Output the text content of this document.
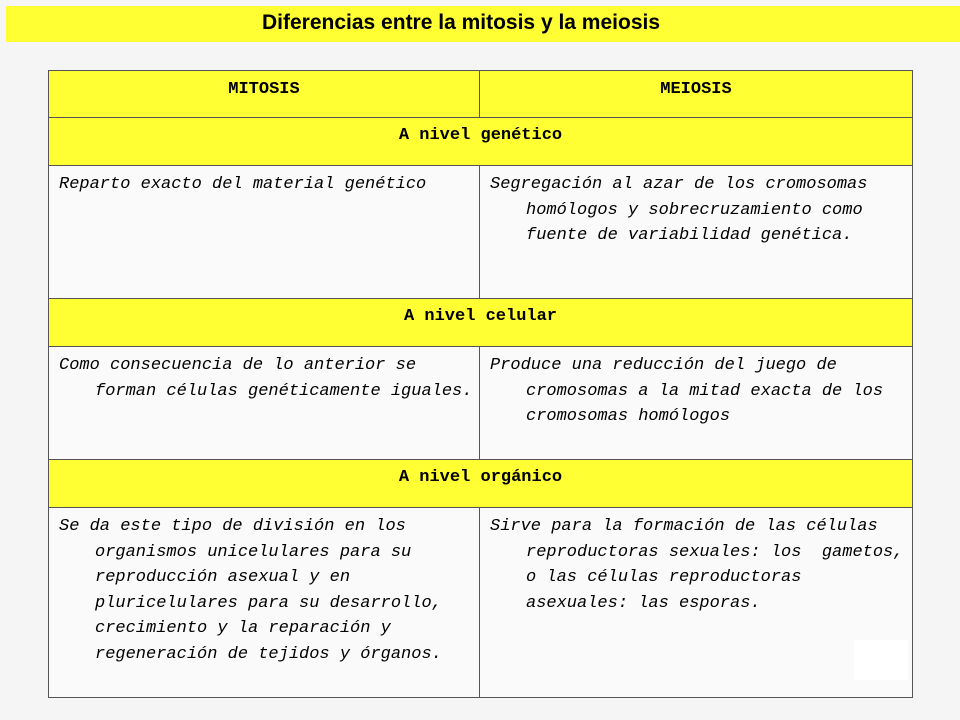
Diferencias entre la mitosis y la meiosis
MITOSIS	MEIOSIS
A nivel genético	

Reparto exacto del material genético	Segregación al azar de los cromosomas homólogos y sobrecruzamiento como fuente de variabilidad genética.

A nivel celular	

Como consecuencia de lo anterior se forman células genéticamente iguales.	Produce una reducción del juego de cromosomas a la mitad exacta de los cromosomas homólogos

A nivel orgánico	

Se da este tipo de división en los organismos unicelulares para su reproducción asexual y en pluricelulares para su desarrollo, crecimiento y la reparación y regeneración de tejidos y órganos.	Sirve para la formación de las células reproductoras sexuales: los  gametos, o las células reproductoras asexuales: las esporas.
